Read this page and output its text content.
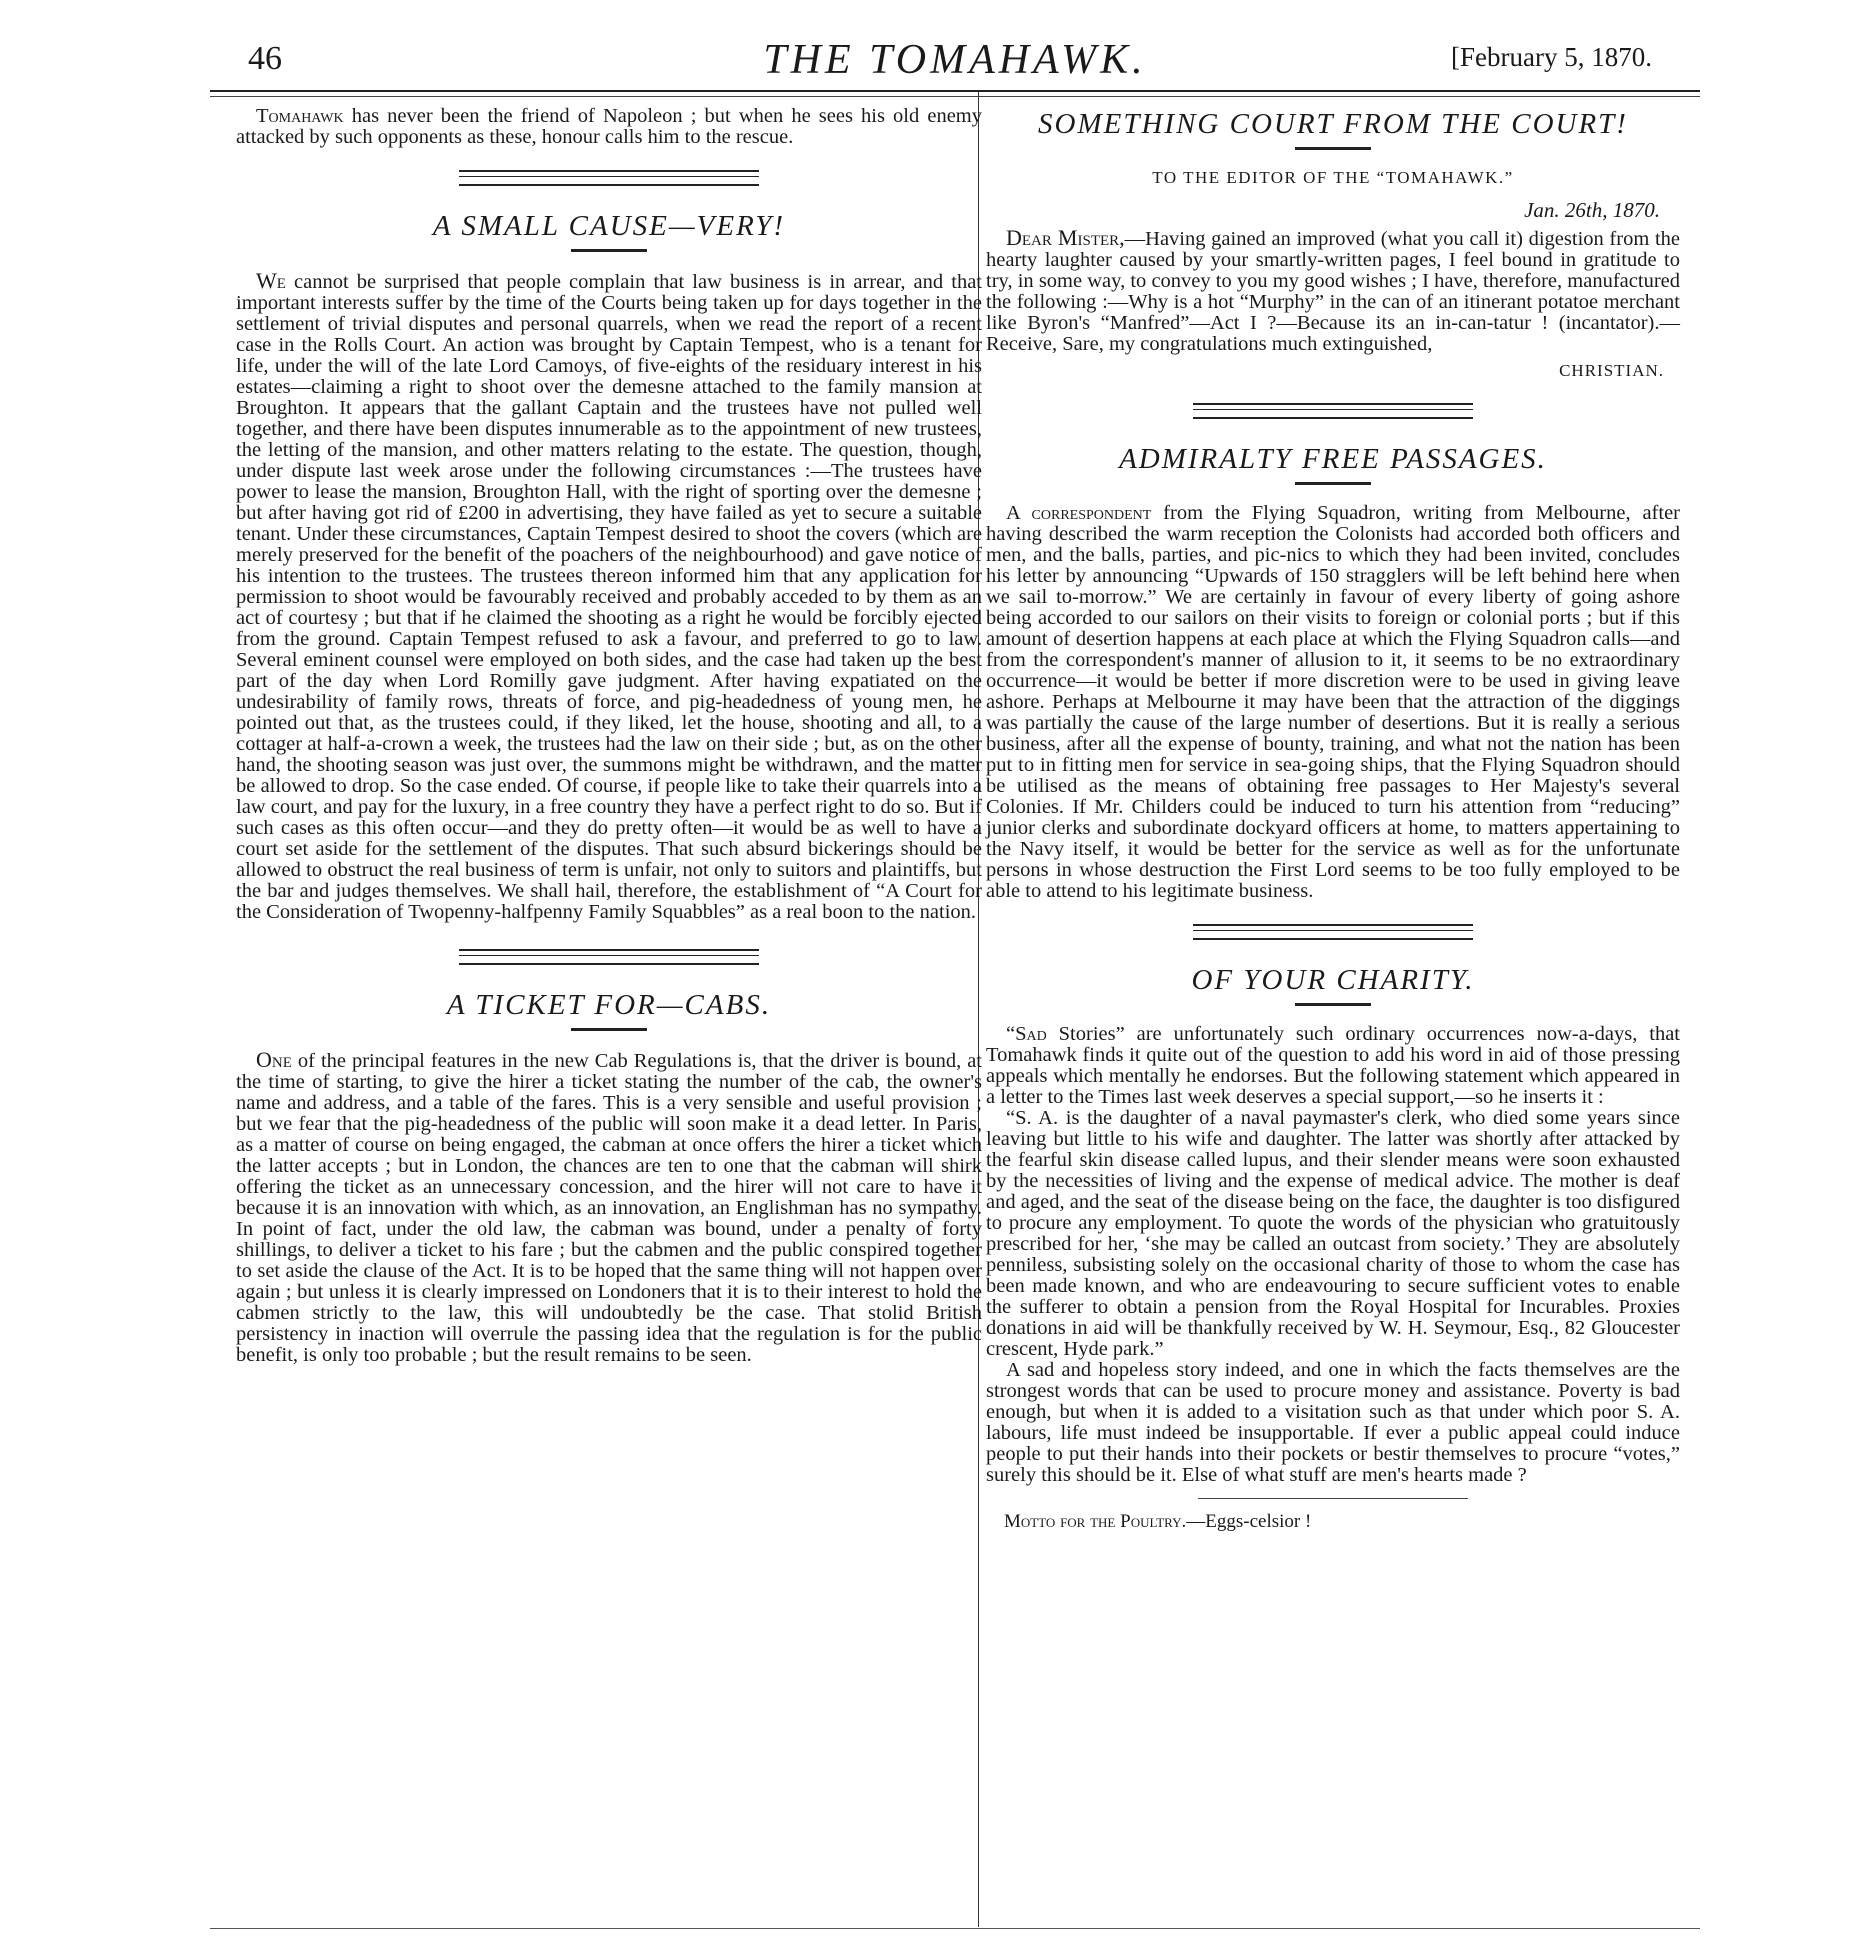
46	THE TOMAHAWK.	[February 5, 1870.

Tomahawk has never been the friend of Napoleon ; but when he sees his old enemy attacked by such opponents as these, honour calls him to the rescue.

A SMALL CAUSE—VERY!

We cannot be surprised that people complain that law business is in arrear, and that important interests suffer by the time of the Courts being taken up for days together in the settlement of trivial disputes and personal quarrels, when we read the report of a recent case in the Rolls Court. An action was brought by Captain Tempest, who is a tenant for life, under the will of the late Lord Camoys, of five-eights of the residuary interest in his estates—claiming a right to shoot over the demesne attached to the family mansion at Broughton. It appears that the gallant Captain and the trustees have not pulled well together, and there have been disputes innumerable as to the appointment of new trustees, the letting of the mansion, and other matters relating to the estate. The question, though, under dispute last week arose under the following circumstances :—The trustees have power to lease the mansion, Broughton Hall, with the right of sporting over the demesne ; but after having got rid of £200 in advertising, they have failed as yet to secure a suitable tenant. Under these circumstances, Captain Tempest desired to shoot the covers (which are merely preserved for the benefit of the poachers of the neighbourhood) and gave notice of his intention to the trustees. The trustees thereon informed him that any application for permission to shoot would be favourably received and probably acceded to by them as an act of courtesy ; but that if he claimed the shooting as a right he would be forcibly ejected from the ground. Captain Tempest refused to ask a favour, and preferred to go to law. Several eminent counsel were employed on both sides, and the case had taken up the best part of the day when Lord Romilly gave judgment. After having expatiated on the undesirability of family rows, threats of force, and pig-headedness of young men, he pointed out that, as the trustees could, if they liked, let the house, shooting and all, to a cottager at half-a-crown a week, the trustees had the law on their side ; but, as on the other hand, the shooting season was just over, the summons might be withdrawn, and the matter be allowed to drop. So the case ended. Of course, if people like to take their quarrels into a law court, and pay for the luxury, in a free country they have a perfect right to do so. But if such cases as this often occur—and they do pretty often—it would be as well to have a court set aside for the settlement of the disputes. That such absurd bickerings should be allowed to obstruct the real business of term is unfair, not only to suitors and plaintiffs, but the bar and judges themselves. We shall hail, therefore, the establishment of “A Court for the Consideration of Twopenny-halfpenny Family Squabbles” as a real boon to the nation.

A TICKET FOR—CABS.

One of the principal features in the new Cab Regulations is, that the driver is bound, at the time of starting, to give the hirer a ticket stating the number of the cab, the owner's name and address, and a table of the fares. This is a very sensible and useful provision ; but we fear that the pig-headedness of the public will soon make it a dead letter. In Paris, as a matter of course on being engaged, the cabman at once offers the hirer a ticket which the latter accepts ; but in London, the chances are ten to one that the cabman will shirk offering the ticket as an unnecessary concession, and the hirer will not care to have it because it is an innovation with which, as an innovation, an Englishman has no sympathy. In point of fact, under the old law, the cabman was bound, under a penalty of forty shillings, to deliver a ticket to his fare ; but the cabmen and the public conspired together to set aside the clause of the Act. It is to be hoped that the same thing will not happen over again ; but unless it is clearly impressed on Londoners that it is to their interest to hold the cabmen strictly to the law, this will undoubtedly be the case. That stolid British persistency in inaction will overrule the passing idea that the regulation is for the public benefit, is only too probable ; but the result remains to be seen.

SOMETHING COURT FROM THE COURT!
TO THE EDITOR OF THE “TOMAHAWK.”
Jan. 26th, 1870.

Dear Mister,—Having gained an improved (what you call it) digestion from the hearty laughter caused by your smartly-written pages, I feel bound in gratitude to try, in some way, to convey to you my good wishes ; I have, therefore, manufactured the following :—Why is a hot “Murphy” in the can of an itinerant potatoe merchant like Byron's “Manfred”—Act I ?—Because its an in-can-tatur ! (incantator).—Receive, Sare, my congratulations much extinguished,

CHRISTIAN.
ADMIRALTY FREE PASSAGES.

A correspondent from the Flying Squadron, writing from Melbourne, after having described the warm reception the Colonists had accorded both officers and men, and the balls, parties, and pic-nics to which they had been invited, concludes his letter by announcing “Upwards of 150 stragglers will be left behind here when we sail to-morrow.” We are certainly in favour of every liberty of going ashore being accorded to our sailors on their visits to foreign or colonial ports ; but if this amount of desertion happens at each place at which the Flying Squadron calls—and from the correspondent's manner of allusion to it, it seems to be no extraordinary occurrence—it would be better if more discretion were to be used in giving leave ashore. Perhaps at Melbourne it may have been that the attraction of the diggings was partially the cause of the large number of desertions. But it is really a serious business, after all the expense of bounty, training, and what not the nation has been put to in fitting men for service in sea-going ships, that the Flying Squadron should be utilised as the means of obtaining free passages to Her Majesty's several Colonies. If Mr. Childers could be induced to turn his attention from “reducing” junior clerks and subordinate dockyard officers at home, to matters appertaining to the Navy itself, it would be better for the service as well as for the unfortunate persons in whose destruction the First Lord seems to be too fully employed to be able to attend to his legitimate business.

OF YOUR CHARITY.

“Sad Stories” are unfortunately such ordinary occurrences now-a-days, that Tomahawk finds it quite out of the question to add his word in aid of those pressing appeals which mentally he endorses. But the following statement which appeared in a letter to the Times last week deserves a special support,—so he inserts it :

“S. A. is the daughter of a naval paymaster's clerk, who died some years since leaving but little to his wife and daughter. The latter was shortly after attacked by the fearful skin disease called lupus, and their slender means were soon exhausted by the necessities of living and the expense of medical advice. The mother is deaf and aged, and the seat of the disease being on the face, the daughter is too disfigured to procure any employment. To quote the words of the physician who gratuitously prescribed for her, ‘she may be called an outcast from society.’ They are absolutely penniless, subsisting solely on the occasional charity of those to whom the case has been made known, and who are endeavouring to secure sufficient votes to enable the sufferer to obtain a pension from the Royal Hospital for Incurables. Proxies donations in aid will be thankfully received by W. H. Seymour, Esq., 82 Gloucester crescent, Hyde park.”

A sad and hopeless story indeed, and one in which the facts themselves are the strongest words that can be used to procure money and assistance. Poverty is bad enough, but when it is added to a visitation such as that under which poor S. A. labours, life must indeed be insupportable. If ever a public appeal could induce people to put their hands into their pockets or bestir themselves to procure “votes,” surely this should be it. Else of what stuff are men's hearts made ?

Motto for the Poultry.—Eggs-celsior !
